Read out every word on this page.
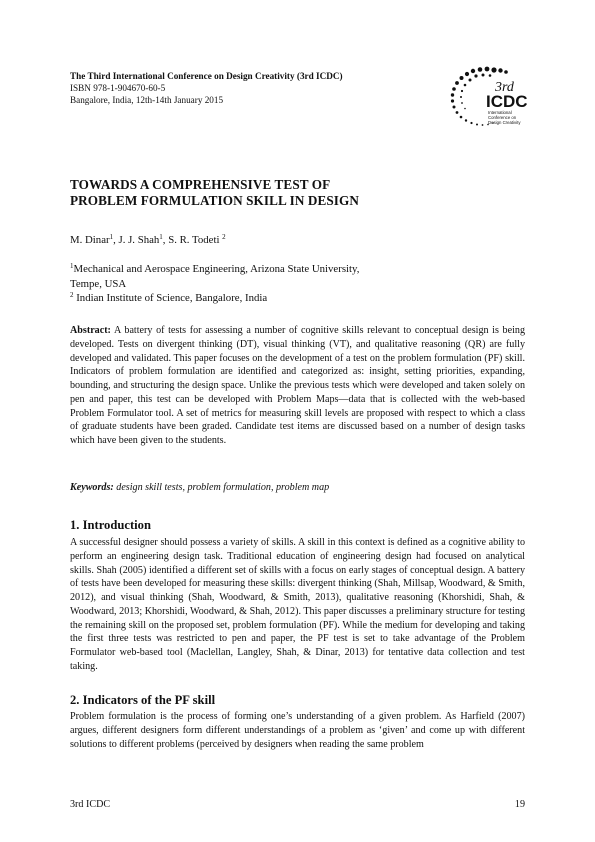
The Third International Conference on Design Creativity (3rd ICDC)
ISBN 978-1-904670-60-5
Bangalore, India, 12th-14th January 2015
3rd
ICDC
International
Conference on
Design Creativity
TOWARDS A COMPREHENSIVE TEST OF
PROBLEM FORMULATION SKILL IN DESIGN
M. Dinar$^1$, J. J. Shah$^1$, S. R. Todeti $^2$
$^1$Mechanical and Aerospace Engineering, Arizona State University,
Tempe, USA
$^2$ Indian Institute of Science, Bangalore, India
Abstract: A battery of tests for assessing a number of cognitive skills relevant to conceptual design is being developed. Tests on divergent thinking (DT), visual thinking (VT), and qualitative reasoning (QR) are fully developed and validated. This paper focuses on the development of a test on the problem formulation (PF) skill. Indicators of problem formulation are identified and categorized as: insight, setting priorities, expanding, bounding, and structuring the design space. Unlike the previous tests which were developed and taken solely on pen and paper, this test can be developed with Problem Maps—data that is collected with the web-based Problem Formulator tool. A set of metrics for measuring skill levels are proposed with respect to which a class of graduate students have been graded. Candidate test items are discussed based on a number of design tasks which have been given to the students.
Keywords: design skill tests, problem formulation, problem map
1. Introduction
A successful designer should possess a variety of skills. A skill in this context is defined as a cognitive ability to perform an engineering design task. Traditional education of engineering design had focused on analytical skills. Shah (2005) identified a different set of skills with a focus on early stages of conceptual design. A battery of tests have been developed for measuring these skills: divergent thinking (Shah, Millsap, Woodward, & Smith, 2012), and visual thinking (Shah, Woodward, & Smith, 2013), qualitative reasoning (Khorshidi, Shah, & Woodward, 2013; Khorshidi, Woodward, & Shah, 2012). This paper discusses a preliminary structure for testing the remaining skill on the proposed set, problem formulation (PF). While the medium for developing and taking the first three tests was restricted to pen and paper, the PF test is set to take advantage of the Problem Formulator web-based tool (Maclellan, Langley, Shah, & Dinar, 2013) for tentative data collection and test taking.
2. Indicators of the PF skill
Problem formulation is the process of forming one’s understanding of a given problem. As Harfield (2007) argues, different designers form different understandings of a problem as ‘given’ and come up with different solutions to different problems (perceived by designers when reading the same problem
3rd ICDC	19
